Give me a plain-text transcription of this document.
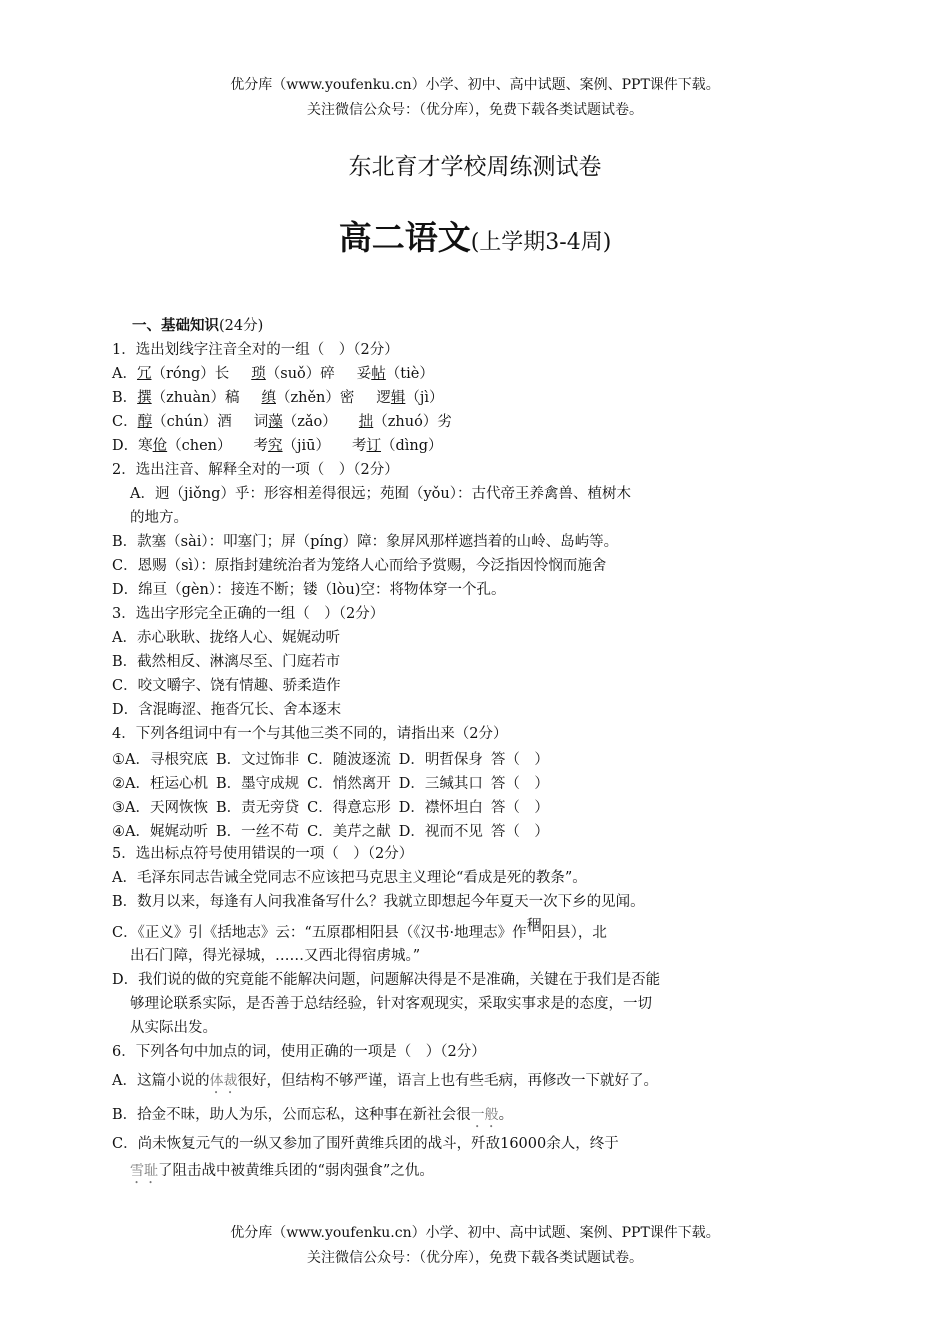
优分库（www.youfenku.cn）小学、初中、高中试题、案例、PPT课件下载。
关注微信公众号：（优分库），免费下载各类试题试卷。
东北育才学校周练测试卷
高二语文(上学期3-4周)
一、基础知识(24分)
1．选出划线字注音全对的一组（　）（2分）
A．冗（róng）长 琐（suǒ）碎 妥帖（tiè）
B．撰（zhuàn）稿 缜（zhěn）密 逻辑（jì）
C．醇（chún）酒 词藻（zǎo） 拙（zhuó）劣
D．寒伧（chen） 考究（jiū） 考订（dìng）
2．选出注音、解释全对的一项（　）（2分）
A．迥（jiǒng）乎：形容相差得很远；苑囿（yǒu）：古代帝王养禽兽、植树木
的地方。
B．款塞（sài）：叩塞门；屏（píng）障：象屏风那样遮挡着的山岭、岛屿等。
C．恩赐（sì）：原指封建统治者为笼络人心而给予赏赐，今泛指因怜悯而施舍
D．绵亘（gèn）：接连不断；镂（lòu)空：将物体穿一个孔。
3．选出字形完全正确的一组（　）（2分）
A．赤心耿耿、拢络人心、娓娓动听
B．截然相反、淋漓尽至、门庭若市
C．咬文嚼字、饶有情趣、骄柔造作
D．含混晦涩、拖沓冗长、舍本逐末
4．下列各组词中有一个与其他三类不同的，请指出来（2分）
①A．寻根究底	B．文过饰非	C．随波逐流	D．明哲保身	答（　）
②A．枉运心机	B．墨守成规	C．悄然离开	D．三缄其口	答（　）
③A．天网恢恢	B．责无旁贷	C．得意忘形	D．襟怀坦白	答（　）
④A．娓娓动听	B．一丝不苟	C．美芹之献	D．视而不见	答（　）
5．选出标点符号使用错误的一项（　）（2分）
A．毛泽东同志告诫全党同志不应该把马克思主义理论“看成是死的教条”。
B．数月以来，每逢有人问我准备写什么？我就立即想起今年夏天一次下乡的见闻。
C．《正义》引《括地志》云：“五原郡相阳县（《汉书·地理志》作稒阳县），北
出石门障，得光禄城，……又西北得宿虏城。”
D．我们说的做的究竟能不能解决问题，问题解决得是不是准确，关键在于我们是否能
够理论联系实际，是否善于总结经验，针对客观现实，采取实事求是的态度，一切
从实际出发。
6．下列各句中加点的词，使用正确的一项是（　）（2分）
A．这篇小说的体裁很好，但结构不够严谨，语言上也有些毛病，再修改一下就好了。
B．拾金不昧，助人为乐，公而忘私，这种事在新社会很一般。
C．尚未恢复元气的一纵又参加了围歼黄维兵团的战斗，歼敌16000余人，终于
雪耻了阻击战中被黄维兵团的“弱肉强食”之仇。
优分库（www.youfenku.cn）小学、初中、高中试题、案例、PPT课件下载。
关注微信公众号：（优分库），免费下载各类试题试卷。
